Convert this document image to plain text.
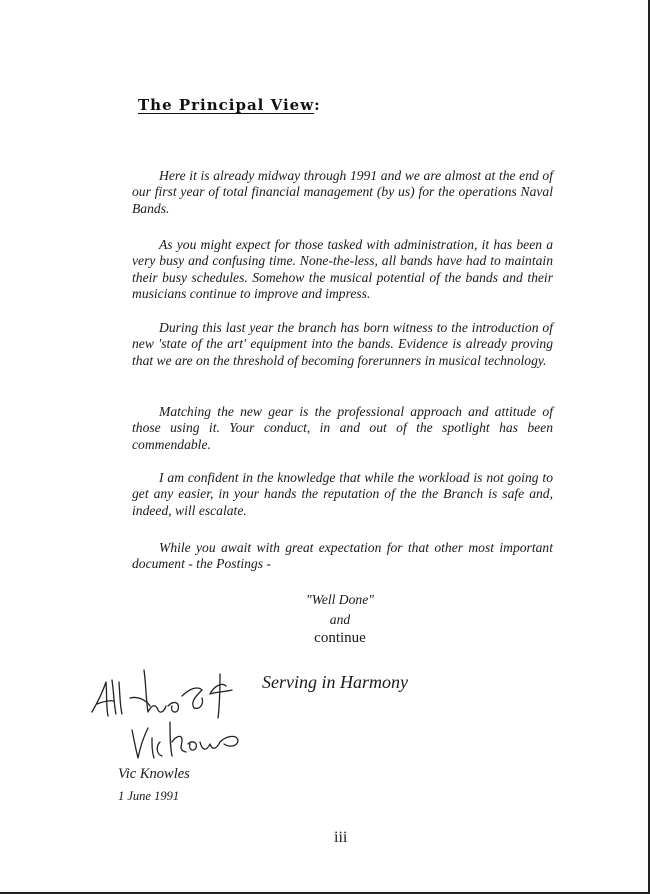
The Principal View:

Here it is already midway through 1991 and we are almost at the end of our first year of total financial management (by us) for the operations Naval Bands.

As you might expect for those tasked with administration, it has been a very busy and confusing time. None-the-less, all bands have had to maintain their busy schedules. Somehow the musical potential of the bands and their musicians continue to improve and impress.

During this last year the branch has born witness to the introduction of new 'state of the art' equipment into the bands. Evidence is already proving that we are on the threshold of becoming forerunners in musical technology.

Matching the new gear is the professional approach and attitude of those using it. Your conduct, in and out of the spotlight has been commendable.

I am confident in the knowledge that while the workload is not going to get any easier, in your hands the reputation of the the Branch is safe and, indeed, will escalate.

While you await with great expectation for that other most important document - the Postings -

"Well Done"
and
continue
Serving in Harmony
Vic Knowles
1 June 1991
iii
